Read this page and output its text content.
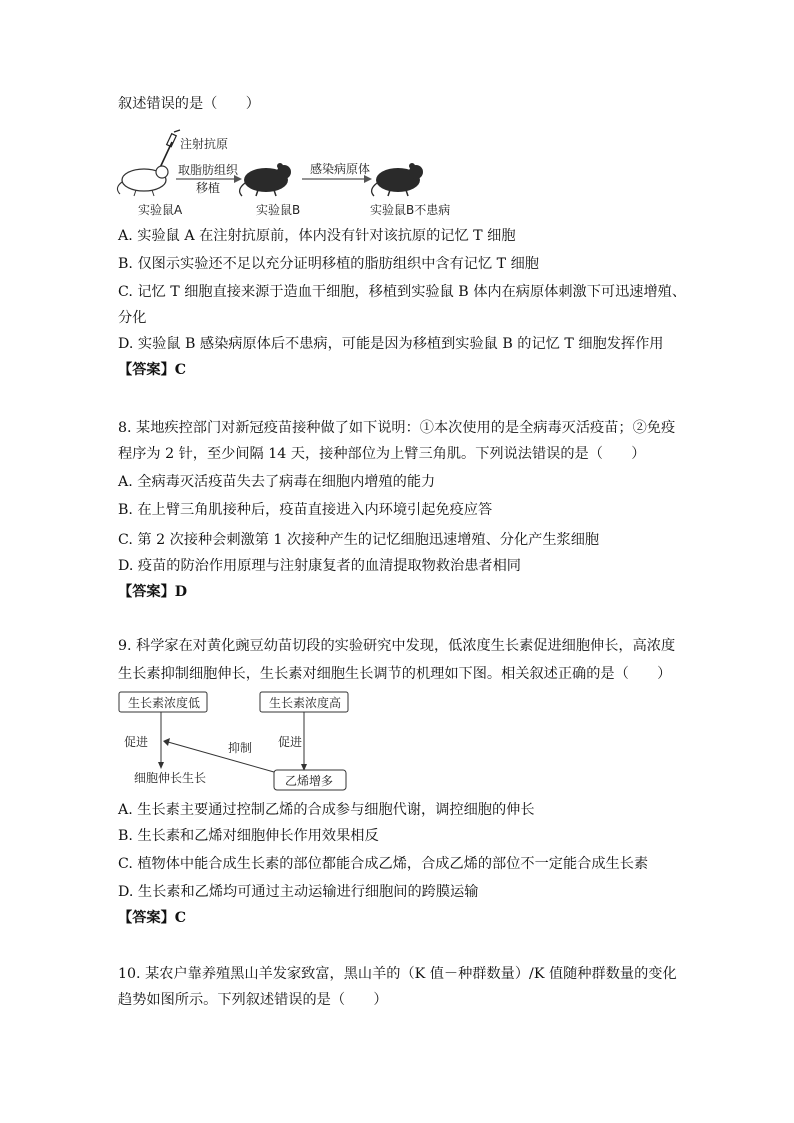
叙述错误的是（　　）
注射抗原
取脂肪组织
移植
感染病原体
实验鼠A	实验鼠B	实验鼠B不患病
A. 实验鼠 A 在注射抗原前，体内没有针对该抗原的记忆 T 细胞
B. 仅图示实验还不足以充分证明移植的脂肪组织中含有记忆 T 细胞
C. 记忆 T 细胞直接来源于造血干细胞，移植到实验鼠 B 体内在病原体刺激下可迅速增殖、
分化
D. 实验鼠 B 感染病原体后不患病，可能是因为移植到实验鼠 B 的记忆 T 细胞发挥作用
【答案】C
8. 某地疾控部门对新冠疫苗接种做了如下说明：①本次使用的是全病毒灭活疫苗；②免疫
程序为 2 针，至少间隔 14 天，接种部位为上臂三角肌。下列说法错误的是（　　）
A. 全病毒灭活疫苗失去了病毒在细胞内增殖的能力
B. 在上臂三角肌接种后，疫苗直接进入内环境引起免疫应答
C. 第 2 次接种会刺激第 1 次接种产生的记忆细胞迅速增殖、分化产生浆细胞
D. 疫苗的防治作用原理与注射康复者的血清提取物救治患者相同
【答案】D
9. 科学家在对黄化豌豆幼苗切段的实验研究中发现，低浓度生长素促进细胞伸长，高浓度
生长素抑制细胞伸长，生长素对细胞生长调节的机理如下图。相关叙述正确的是（　　）
生长素浓度低	生长素浓度高
促进	促进
抑制
细胞伸长生长	乙烯增多
A. 生长素主要通过控制乙烯的合成参与细胞代谢，调控细胞的伸长
B. 生长素和乙烯对细胞伸长作用效果相反
C. 植物体中能合成生长素的部位都能合成乙烯，合成乙烯的部位不一定能合成生长素
D. 生长素和乙烯均可通过主动运输进行细胞间的跨膜运输
【答案】C
10. 某农户靠养殖黑山羊发家致富，黑山羊的（K 值－种群数量）/K 值随种群数量的变化
趋势如图所示。下列叙述错误的是（　　）
